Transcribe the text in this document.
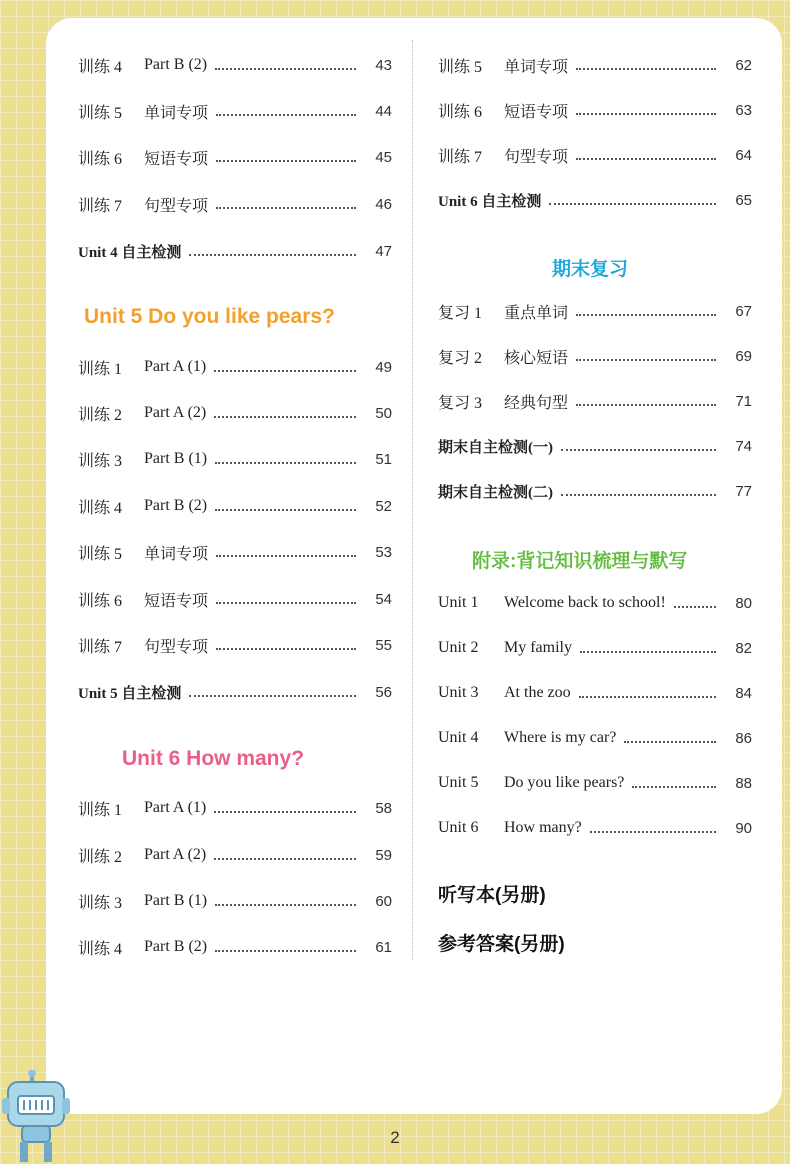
训练 4	Part B (2)	43
训练 5	单词专项	44
训练 6	短语专项	45
训练 7	句型专项	46
Unit 4 自主检测	47
Unit 5 Do you like pears?
训练 1	Part A (1)	49
训练 2	Part A (2)	50
训练 3	Part B (1)	51
训练 4	Part B (2)	52
训练 5	单词专项	53
训练 6	短语专项	54
训练 7	句型专项	55
Unit 5 自主检测	56
Unit 6 How many?
训练 1	Part A (1)	58
训练 2	Part A (2)	59
训练 3	Part B (1)	60
训练 4	Part B (2)	61
训练 5	单词专项	62
训练 6	短语专项	63
训练 7	句型专项	64
Unit 6 自主检测	65
期末复习
复习 1	重点单词	67
复习 2	核心短语	69
复习 3	经典句型	71
期末自主检测(一)	74
期末自主检测(二)	77
附录:背记知识梳理与默写
Unit 1	Welcome back to school!	80
Unit 2	My family	82
Unit 3	At the zoo	84
Unit 4	Where is my car?	86
Unit 5	Do you like pears?	88
Unit 6	How many?	90
听写本(另册)
参考答案(另册)
2
